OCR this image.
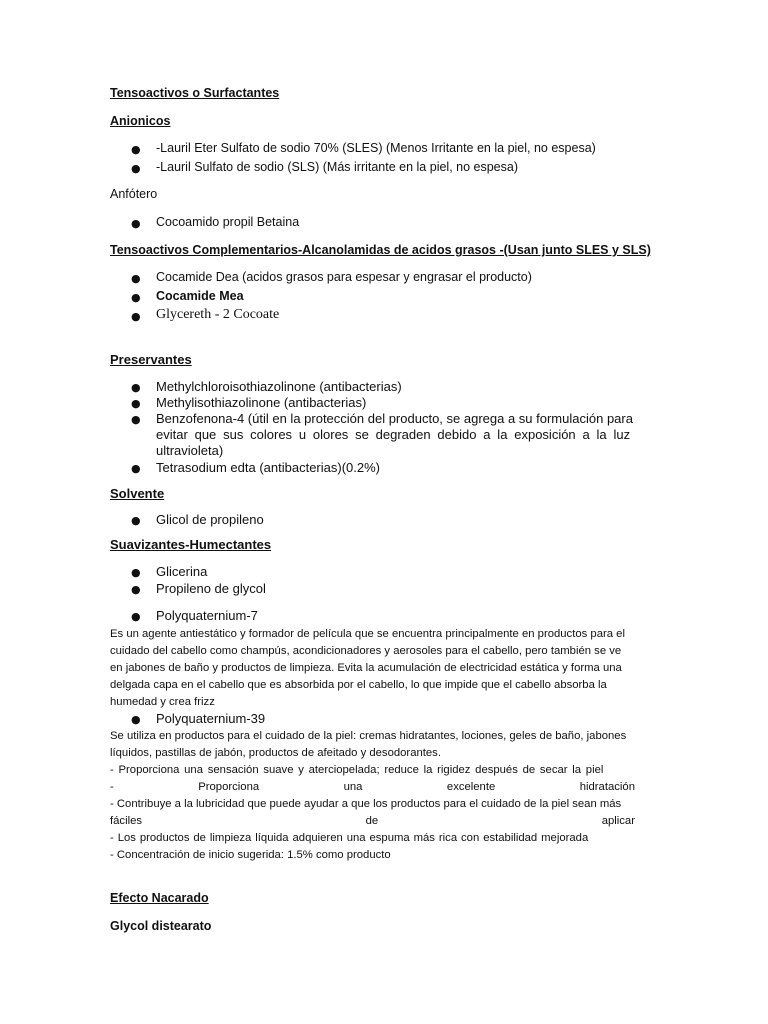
Tensoactivos o Surfactantes
Anionicos
● -Lauril Eter Sulfato de sodio 70% (SLES) (Menos Irritante en la piel, no espesa)
● -Lauril Sulfato de sodio (SLS) (Más irritante en la piel, no espesa)
Anfótero
● Cocoamido propil Betaina
Tensoactivos Complementarios-Alcanolamidas de acidos grasos -(Usan junto SLES y SLS)
● Cocamide Dea (acidos grasos para espesar y engrasar el producto)
● Cocamide Mea
● Glycereth - 2 Cocoate
Preservantes
● Methylchloroisothiazolinone (antibacterias)
● Methylisothiazolinone (antibacterias)
● Benzofenona-4 (útil en la protección del producto, se agrega a su formulación para
evitar que sus colores u olores se degraden debido a la exposición a la luz
ultravioleta)
● Tetrasodium edta (antibacterias)(0.2%)
Solvente
● Glicol de propileno
Suavizantes-Humectantes
● Glicerina
● Propileno de glycol
● Polyquaternium-7
Es un agente antiestático y formador de película que se encuentra principalmente en productos para el
cuidado del cabello como champús, acondicionadores y aerosoles para el cabello, pero también se ve
en jabones de baño y productos de limpieza. Evita la acumulación de electricidad estática y forma una
delgada capa en el cabello que es absorbida por el cabello, lo que impide que el cabello absorba la
humedad y crea frizz
● Polyquaternium-39
Se utiliza en productos para el cuidado de la piel: cremas hidratantes, lociones, geles de baño, jabones
líquidos, pastillas de jabón, productos de afeitado y desodorantes.
- Proporciona una sensación suave y aterciopelada; reduce la rigidez después de secar la piel
-	Proporciona	una	excelente	hidratación
- Contribuye a la lubricidad que puede ayudar a que los productos para el cuidado de la piel sean más
fáciles	de	aplicar
- Los productos de limpieza líquida adquieren una espuma más rica con estabilidad mejorada
- Concentración de inicio sugerida: 1.5% como producto
Efecto Nacarado
Glycol distearato
